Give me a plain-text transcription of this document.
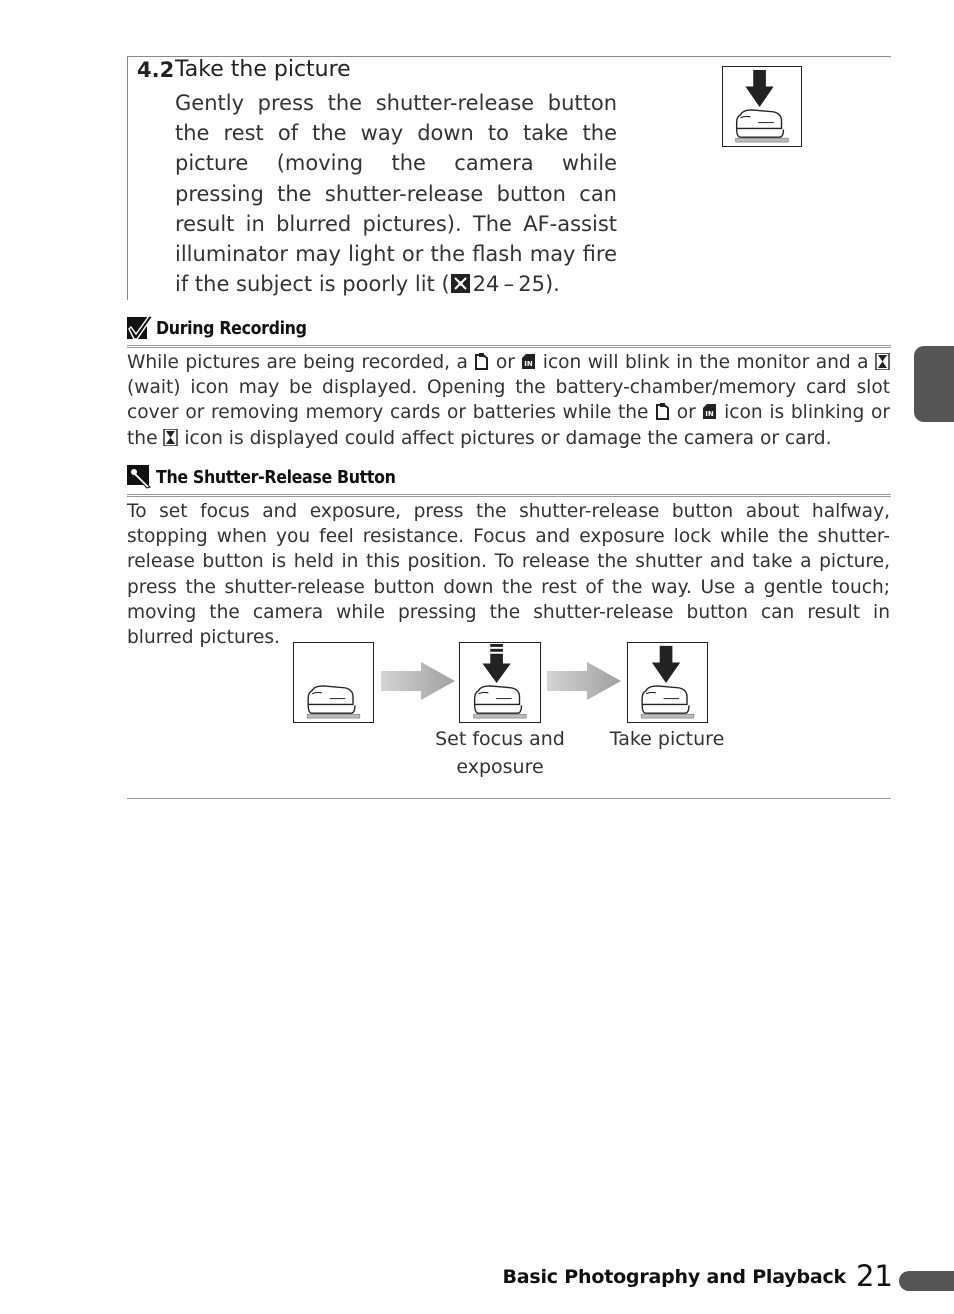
4.2 Take the picture

Gently press the shutter-release button the rest of the way down to take the picture (moving the camera while pressing the shutter-release button can result in blurred pictures). The AF-assist illuminator may light or the flash may fire if the subject is poorly lit ( 24 – 25).

During Recording

While pictures are being recorded, a  or IN icon will blink in the monitor and a  (wait) icon may be displayed. Opening the battery-chamber/memory card slot cover or removing memory cards or batteries while the  or IN icon is blinking or the  icon is displayed could affect pictures or damage the camera or card.

The Shutter-Release Button

To set focus and exposure, press the shutter-release button about halfway, stopping when you feel resistance. Focus and exposure lock while the shutter-release button is held in this position. To release the shutter and take a picture, press the shutter-release button down the rest of the way. Use a gentle touch; moving the camera while pressing the shutter-release button can result in blurred pictures.

Set focus and exposure
Take picture
Basic Photography and Playback 21
